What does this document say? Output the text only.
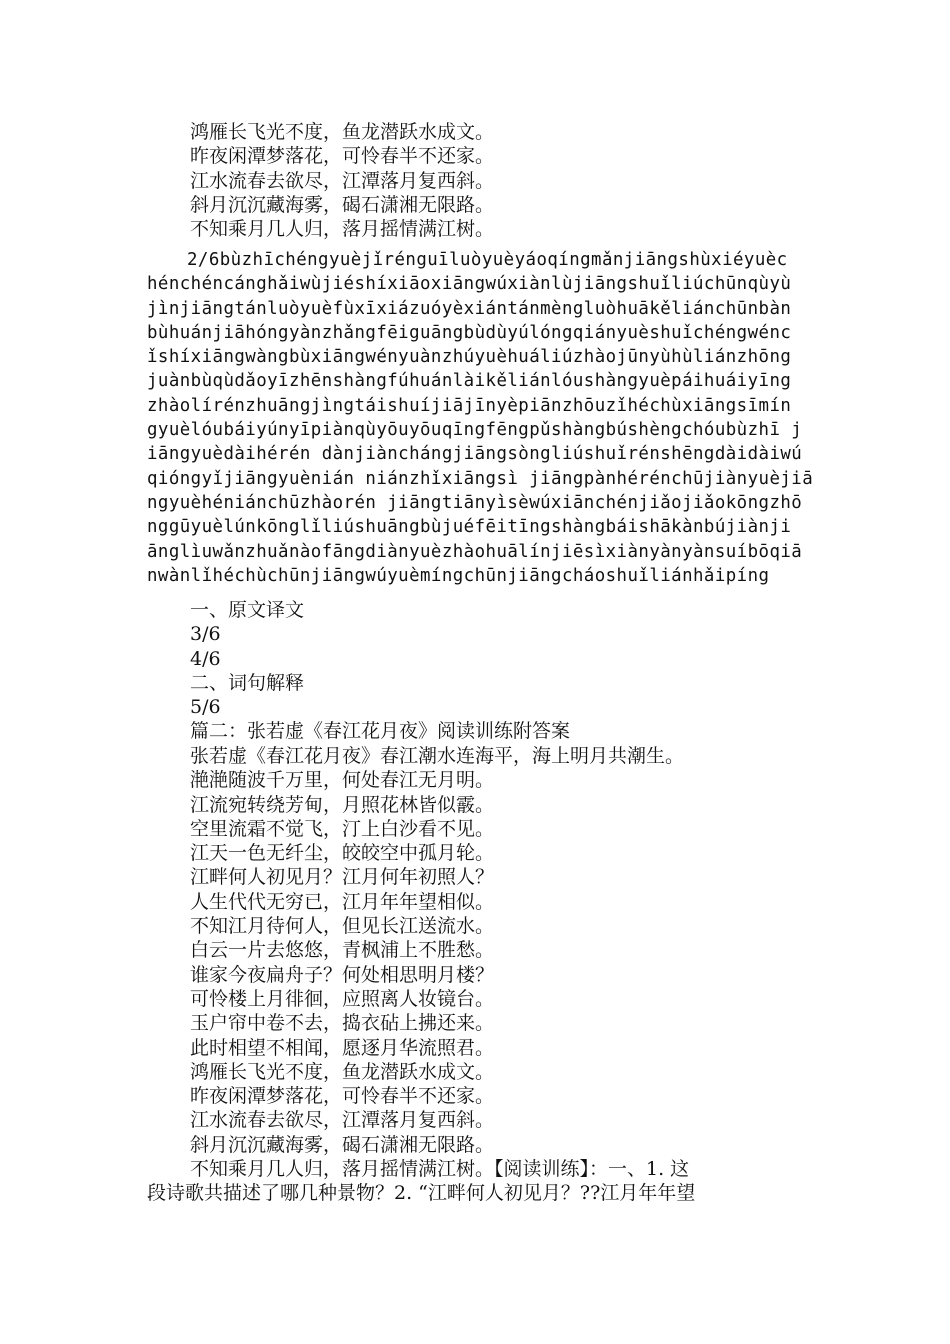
鸿雁长飞光不度，鱼龙潜跃水成文。
昨夜闲潭梦落花，可怜春半不还家。
江水流春去欲尽，江潭落月复西斜。
斜月沉沉藏海雾，碣石潇湘无限路。
不知乘月几人归，落月摇情满江树。
2/6bùzhīchéngyuèjǐrénguīluòyuèyáoqíngmǎnjiāngshùxiéyuèc
hénchéncánghǎiwùjiéshíxiāoxiāngwúxiànlùjiāngshuǐliúchūnqùyù
jìnjiāngtánluòyuèfùxīxiázuóyèxiántánmèngluòhuākěliánchūnbàn
bùhuánjiāhóngyànzhǎngfēiguāngbùdùyúlóngqiányuèshuǐchéngwénc
ǐshíxiāngwàngbùxiāngwényuànzhúyuèhuáliúzhàojūnyùhùliánzhōng
juànbùqùdǎoyīzhēnshàngfúhuánlàikěliánlóushàngyuèpáihuáiyīng
zhàolírénzhuāngjìngtáishuíjiājīnyèpiānzhōuzǐhéchùxiāngsīmín
gyuèlóubáiyúnyīpiànqùyōuyōuqīngfēngpǔshàngbúshèngchóubùzhī j
iāngyuèdàihérén dànjiànchángjiāngsòngliúshuǐrénshēngdàidàiwú
qióngyǐjiāngyuènián niánzhǐxiāngsì jiāngpànhérénchūjiànyuèjiā
ngyuèhéniánchūzhàorén jiāngtiānyìsèwúxiānchénjiǎojiǎokōngzhō
nggūyuèlúnkōnglǐliúshuāngbùjuéfēitīngshàngbáishākànbújiànji
ānglìuwǎnzhuǎnàofāngdiànyuèzhàohuālínjiēsìxiànyànyànsuíbōqiā
nwànlǐhéchùchūnjiāngwúyuèmíngchūnjiāngcháoshuǐliánhǎipíng
一、原文译文
3/6
4/6
二、词句解释
5/6
篇二：张若虚《春江花月夜》阅读训练附答案
张若虚《春江花月夜》春江潮水连海平，海上明月共潮生。
滟滟随波千万里，何处春江无月明。
江流宛转绕芳甸，月照花林皆似霰。
空里流霜不觉飞，汀上白沙看不见。
江天一色无纤尘，皎皎空中孤月轮。
江畔何人初见月？江月何年初照人？
人生代代无穷已，江月年年望相似。
不知江月待何人，但见长江送流水。
白云一片去悠悠，青枫浦上不胜愁。
谁家今夜扁舟子？何处相思明月楼？
可怜楼上月徘徊，应照离人妆镜台。
玉户帘中卷不去，捣衣砧上拂还来。
此时相望不相闻，愿逐月华流照君。
鸿雁长飞光不度，鱼龙潜跃水成文。
昨夜闲潭梦落花，可怜春半不还家。
江水流春去欲尽，江潭落月复西斜。
斜月沉沉藏海雾，碣石潇湘无限路。
不知乘月几人归，落月摇情满江树。【阅读训练】：一、1. 这
段诗歌共描述了哪几种景物？2. “江畔何人初见月？??江月年年望
